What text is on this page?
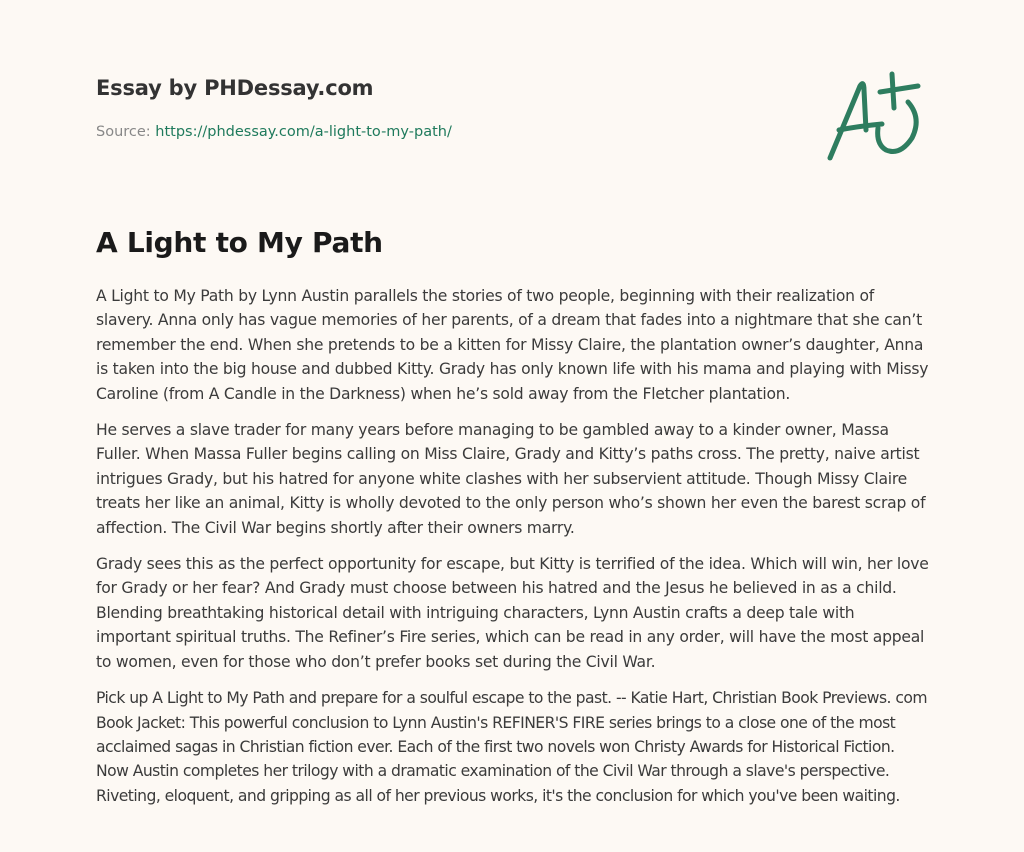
Essay by PHDessay.com

Source: https://phdessay.com/a-light-to-my-path/

A Light to My Path

A Light to My Path by Lynn Austin parallels the stories of two people, beginning with their realization of slavery. Anna only has vague memories of her parents, of a dream that fades into a nightmare that she can’t remember the end. When she pretends to be a kitten for Missy Claire, the plantation owner’s daughter, Anna is taken into the big house and dubbed Kitty. Grady has only known life with his mama and playing with Missy Caroline (from A Candle in the Darkness) when he’s sold away from the Fletcher plantation.

He serves a slave trader for many years before managing to be gambled away to a kinder owner, Massa Fuller. When Massa Fuller begins calling on Miss Claire, Grady and Kitty’s paths cross. The pretty, naive artist intrigues Grady, but his hatred for anyone white clashes with her subservient attitude. Though Missy Claire treats her like an animal, Kitty is wholly devoted to the only person who’s shown her even the barest scrap of affection. The Civil War begins shortly after their owners marry.

Grady sees this as the perfect opportunity for escape, but Kitty is terrified of the idea. Which will win, her love for Grady or her fear? And Grady must choose between his hatred and the Jesus he believed in as a child. Blending breathtaking historical detail with intriguing characters, Lynn Austin crafts a deep tale with important spiritual truths. The Refiner’s Fire series, which can be read in any order, will have the most appeal to women, even for those who don’t prefer books set during the Civil War.

Pick up A Light to My Path and prepare for a soulful escape to the past. -- Katie Hart, Christian Book Previews. com Book Jacket: This powerful conclusion to Lynn Austin's REFINER'S FIRE series brings to a close one of the most acclaimed sagas in Christian fiction ever. Each of the first two novels won Christy Awards for Historical Fiction. Now Austin completes her trilogy with a dramatic examination of the Civil War through a slave's perspective. Riveting, eloquent, and gripping as all of her previous works, it's the conclusion for which you've been waiting.
